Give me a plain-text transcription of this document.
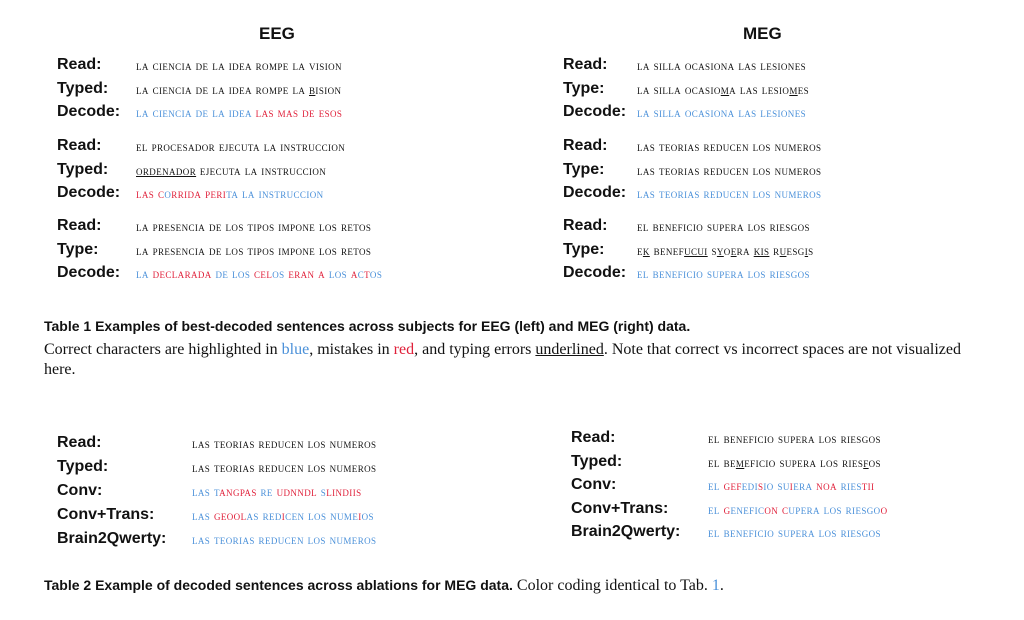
EEG	MEG
Read:	la ciencia de la idea rompe la vision
Typed: la ciencia de la idea rompe la bision
Decode: la ciencia de la idea las mas de esos
Read:	el procesador ejecuta la instruccion
Typed: ordenador ejecuta la instruccion
Decode: las corrida perita la instruccion
Read:	la presencia de los tipos impone los retos
Type:	la presencia de los tipos impone los retos
Decode: la declarada de los celos eran a los actos
Read: la silla ocasiona las lesiones
Type: la silla ocasioma las lesiomes
Decode: la silla ocasiona las lesiones
Read: las teorias reducen los numeros
Type: las teorias reducen los numeros
Decode: las teorias reducen los numeros
Read: el beneficio supera los riesgos
Type: ek benefucui syoera kis ruesgis
Decode: el beneficio supera los riesgos
Table 1 Examples of best-decoded sentences across subjects for EEG (left) and MEG (right) data.
Correct characters are highlighted in blue, mistakes in red, and typing errors underlined. Note that correct vs incorrect spaces are not visualized here.
Read:	las teorias reducen los numeros
Typed:	las teorias reducen los numeros
Conv:	las tangpas re udnndl slindiis
Conv+Trans:	las geoolas redicen los numeios
Brain2Qwerty: las teorias reducen los numeros
Read:	el beneficio supera los riesgos
Typed:	el bemeficio supera los riesfos
Conv:	el gefedisio suiera noa riestii
Conv+Trans:	el geneficon cupera los riesgoo
Brain2Qwerty: el beneficio supera los riesgos
Table 2 Example of decoded sentences across ablations for MEG data. Color coding identical to Tab. 1.
